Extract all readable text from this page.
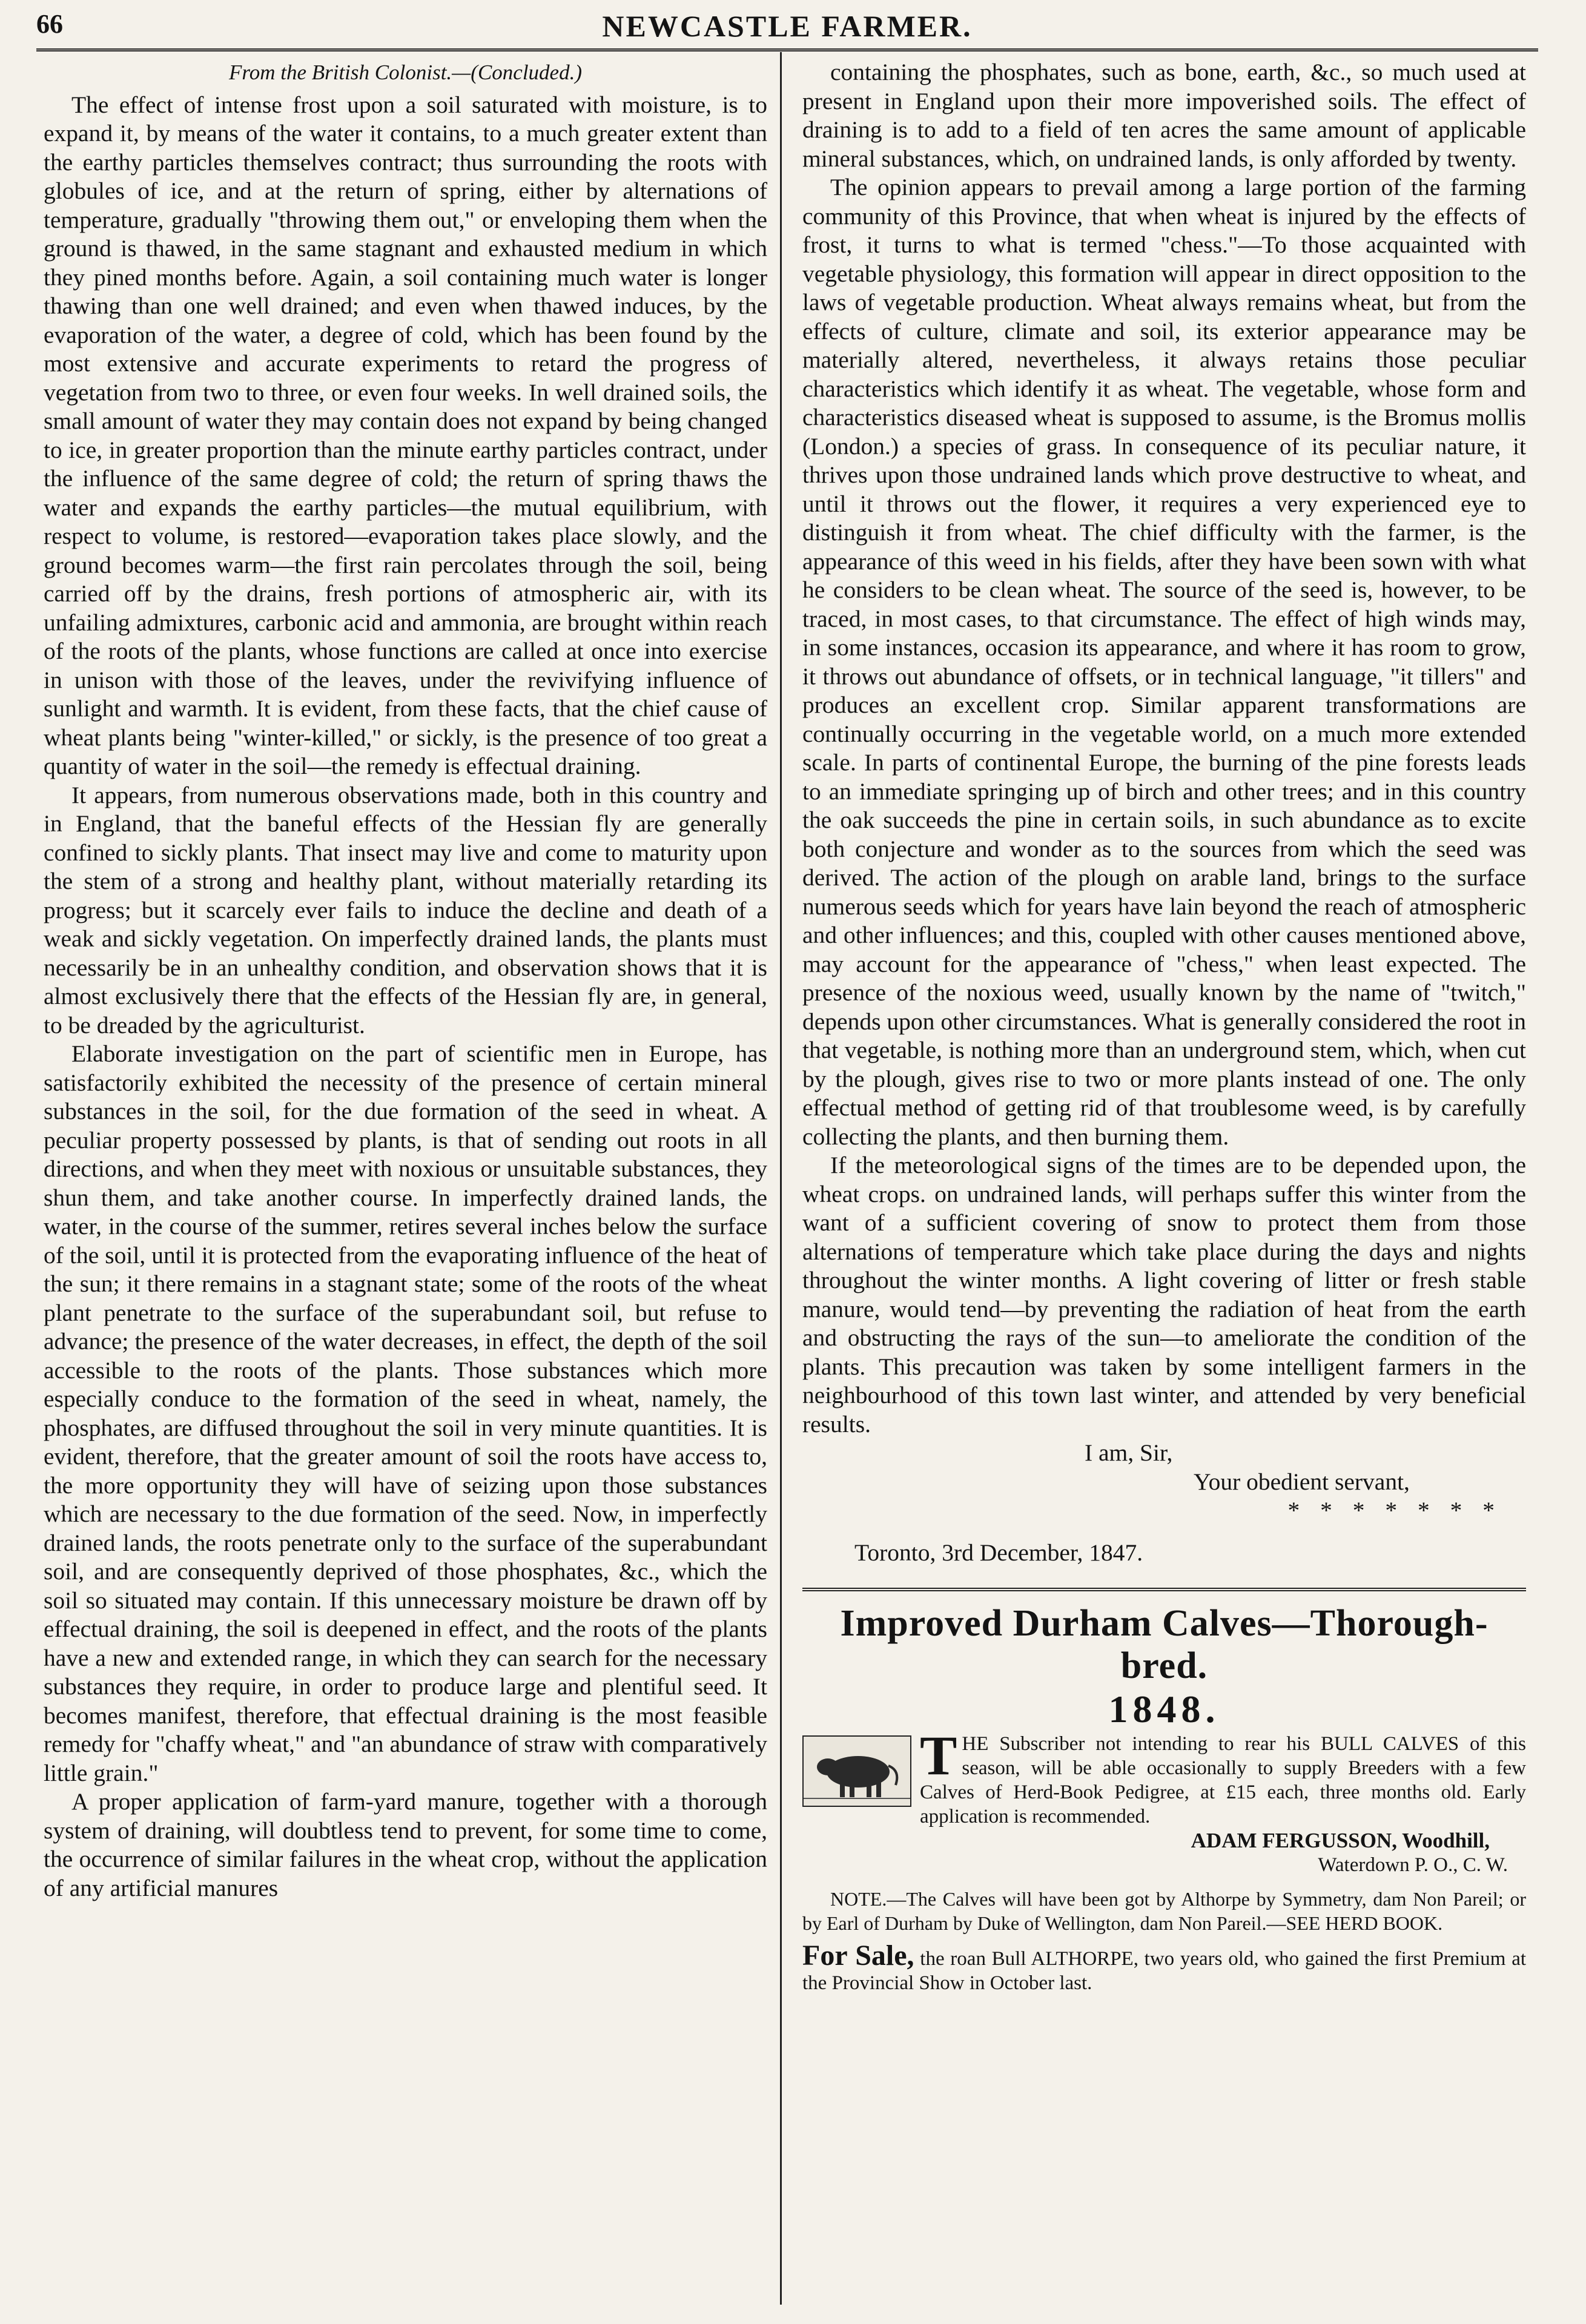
66	NEWCASTLE FARMER.

From the British Colonist.—(Concluded.)

The effect of intense frost upon a soil saturated with moisture, is to expand it, by means of the water it contains, to a much greater extent than the earthy particles themselves contract; thus surrounding the roots with globules of ice, and at the return of spring, either by alternations of temperature, gradually "throwing them out," or enveloping them when the ground is thawed, in the same stagnant and exhausted medium in which they pined months before. Again, a soil containing much water is longer thawing than one well drained; and even when thawed induces, by the evaporation of the water, a degree of cold, which has been found by the most extensive and accurate experiments to retard the progress of vegetation from two to three, or even four weeks. In well drained soils, the small amount of water they may contain does not expand by being changed to ice, in greater proportion than the minute earthy particles contract, under the influence of the same degree of cold; the return of spring thaws the water and expands the earthy particles—the mutual equilibrium, with respect to volume, is restored—evaporation takes place slowly, and the ground becomes warm—the first rain percolates through the soil, being carried off by the drains, fresh portions of atmospheric air, with its unfailing admixtures, carbonic acid and ammonia, are brought within reach of the roots of the plants, whose functions are called at once into exercise in unison with those of the leaves, under the revivifying influence of sunlight and warmth. It is evident, from these facts, that the chief cause of wheat plants being "winter-killed," or sickly, is the presence of too great a quantity of water in the soil—the remedy is effectual draining.

It appears, from numerous observations made, both in this country and in England, that the baneful effects of the Hessian fly are generally confined to sickly plants. That insect may live and come to maturity upon the stem of a strong and healthy plant, without materially retarding its progress; but it scarcely ever fails to induce the decline and death of a weak and sickly vegetation. On imperfectly drained lands, the plants must necessarily be in an unhealthy condition, and observation shows that it is almost exclusively there that the effects of the Hessian fly are, in general, to be dreaded by the agriculturist.

Elaborate investigation on the part of scientific men in Europe, has satisfactorily exhibited the necessity of the presence of certain mineral substances in the soil, for the due formation of the seed in wheat. A peculiar property possessed by plants, is that of sending out roots in all directions, and when they meet with noxious or unsuitable substances, they shun them, and take another course. In imperfectly drained lands, the water, in the course of the summer, retires several inches below the surface of the soil, until it is protected from the evaporating influence of the heat of the sun; it there remains in a stagnant state; some of the roots of the wheat plant penetrate to the surface of the superabundant soil, but refuse to advance; the presence of the water decreases, in effect, the depth of the soil accessible to the roots of the plants. Those substances which more especially conduce to the formation of the seed in wheat, namely, the phosphates, are diffused throughout the soil in very minute quantities. It is evident, therefore, that the greater amount of soil the roots have access to, the more opportunity they will have of seizing upon those substances which are necessary to the due formation of the seed. Now, in imperfectly drained lands, the roots penetrate only to the surface of the superabundant soil, and are consequently deprived of those phosphates, &c., which the soil so situated may contain. If this unnecessary moisture be drawn off by effectual draining, the soil is deepened in effect, and the roots of the plants have a new and extended range, in which they can search for the necessary substances they require, in order to produce large and plentiful seed. It becomes manifest, therefore, that effectual draining is the most feasible remedy for "chaffy wheat," and "an abundance of straw with comparatively little grain."

A proper application of farm-yard manure, together with a thorough system of draining, will doubtless tend to prevent, for some time to come, the occurrence of similar failures in the wheat crop, without the application of any artificial manures

containing the phosphates, such as bone, earth, &c., so much used at present in England upon their more impoverished soils. The effect of draining is to add to a field of ten acres the same amount of applicable mineral substances, which, on undrained lands, is only afforded by twenty.

The opinion appears to prevail among a large portion of the farming community of this Province, that when wheat is injured by the effects of frost, it turns to what is termed "chess."—To those acquainted with vegetable physiology, this formation will appear in direct opposition to the laws of vegetable production. Wheat always remains wheat, but from the effects of culture, climate and soil, its exterior appearance may be materially altered, nevertheless, it always retains those peculiar characteristics which identify it as wheat. The vegetable, whose form and characteristics diseased wheat is supposed to assume, is the Bromus mollis (London.) a species of grass. In consequence of its peculiar nature, it thrives upon those undrained lands which prove destructive to wheat, and until it throws out the flower, it requires a very experienced eye to distinguish it from wheat. The chief difficulty with the farmer, is the appearance of this weed in his fields, after they have been sown with what he considers to be clean wheat. The source of the seed is, however, to be traced, in most cases, to that circumstance. The effect of high winds may, in some instances, occasion its appearance, and where it has room to grow, it throws out abundance of offsets, or in technical language, "it tillers" and produces an excellent crop. Similar apparent transformations are continually occurring in the vegetable world, on a much more extended scale. In parts of continental Europe, the burning of the pine forests leads to an immediate springing up of birch and other trees; and in this country the oak succeeds the pine in certain soils, in such abundance as to excite both conjecture and wonder as to the sources from which the seed was derived. The action of the plough on arable land, brings to the surface numerous seeds which for years have lain beyond the reach of atmospheric and other influences; and this, coupled with other causes mentioned above, may account for the appearance of "chess," when least expected. The presence of the noxious weed, usually known by the name of "twitch," depends upon other circumstances. What is generally considered the root in that vegetable, is nothing more than an underground stem, which, when cut by the plough, gives rise to two or more plants instead of one. The only effectual method of getting rid of that troublesome weed, is by carefully collecting the plants, and then burning them.

If the meteorological signs of the times are to be depended upon, the wheat crops. on undrained lands, will perhaps suffer this winter from the want of a sufficient covering of snow to protect them from those alternations of temperature which take place during the days and nights throughout the winter months. A light covering of litter or fresh stable manure, would tend—by preventing the radiation of heat from the earth and obstructing the rays of the sun—to ameliorate the condition of the plants. This precaution was taken by some intelligent farmers in the neighbourhood of this town last winter, and attended by very beneficial results.

I am, Sir,

Your obedient servant,

* * * * * * *

Toronto, 3rd December, 1847.

Improved Durham Calves—Thorough-bred.

1848.

THE Subscriber not intending to rear his BULL CALVES of this season, will be able occasionally to supply Breeders with a few Calves of Herd-Book Pedigree, at £15 each, three months old. Early application is recommended.

ADAM FERGUSSON, Woodhill,

Waterdown P. O., C. W.

NOTE.—The Calves will have been got by Althorpe by Symmetry, dam Non Pareil; or by Earl of Durham by Duke of Wellington, dam Non Pareil.—SEE HERD BOOK.

For Sale, the roan Bull ALTHORPE, two years old, who gained the first Premium at the Provincial Show in October last.
